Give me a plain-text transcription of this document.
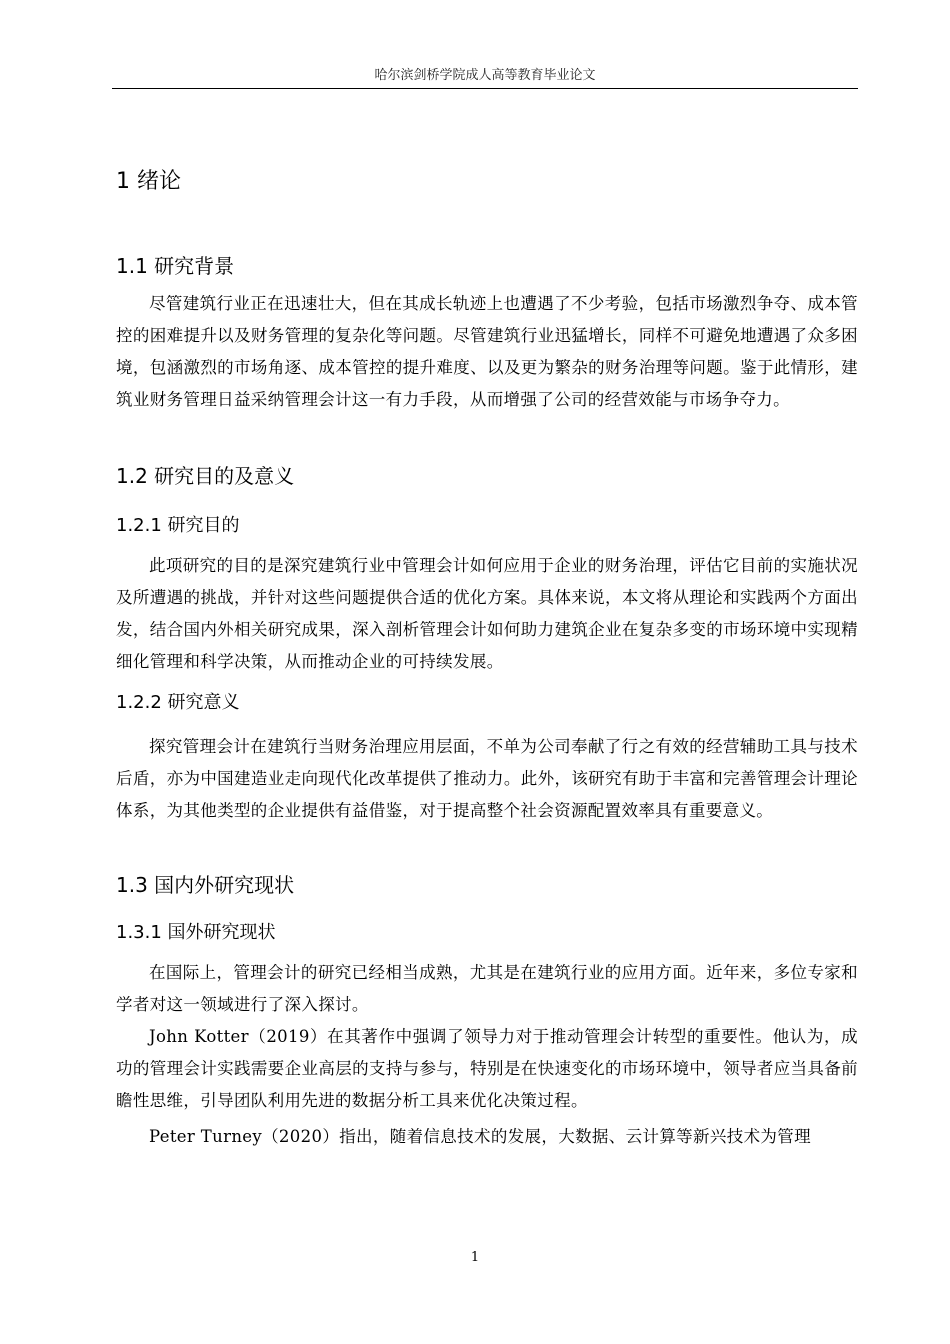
哈尔滨剑桥学院成人高等教育毕业论文
1 绪论
1.1 研究背景

尽管建筑行业正在迅速壮大，但在其成长轨迹上也遭遇了不少考验，包括市场激烈争夺、成本管控的困难提升以及财务管理的复杂化等问题。尽管建筑行业迅猛增长，同样不可避免地遭遇了众多困境，包涵激烈的市场角逐、成本管控的提升难度、以及更为繁杂的财务治理等问题。鉴于此情形，建筑业财务管理日益采纳管理会计这一有力手段，从而增强了公司的经营效能与市场争夺力。

1.2 研究目的及意义
1.2.1 研究目的

此项研究的目的是深究建筑行业中管理会计如何应用于企业的财务治理，评估它目前的实施状况及所遭遇的挑战，并针对这些问题提供合适的优化方案。具体来说，本文将从理论和实践两个方面出发，结合国内外相关研究成果，深入剖析管理会计如何助力建筑企业在复杂多变的市场环境中实现精细化管理和科学决策，从而推动企业的可持续发展。

1.2.2 研究意义

探究管理会计在建筑行当财务治理应用层面，不单为公司奉献了行之有效的经营辅助工具与技术后盾，亦为中国建造业走向现代化改革提供了推动力。此外，该研究有助于丰富和完善管理会计理论体系，为其他类型的企业提供有益借鉴，对于提高整个社会资源配置效率具有重要意义。

1.3 国内外研究现状
1.3.1 国外研究现状

在国际上，管理会计的研究已经相当成熟，尤其是在建筑行业的应用方面。近年来，多位专家和学者对这一领域进行了深入探讨。

John Kotter（2019）在其著作中强调了领导力对于推动管理会计转型的重要性。他认为，成功的管理会计实践需要企业高层的支持与参与，特别是在快速变化的市场环境中，领导者应当具备前瞻性思维，引导团队利用先进的数据分析工具来优化决策过程。

Peter Turney（2020）指出，随着信息技术的发展，大数据、云计算等新兴技术为管理

1
